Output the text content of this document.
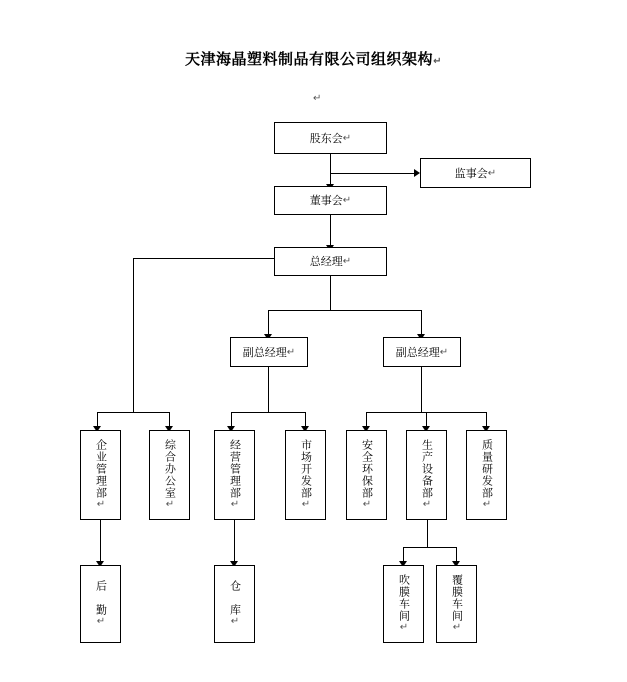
天津海晶塑料制品有限公司组织架构↵
↵
股东会 ↵
监事会 ↵
董事会 ↵
总经理 ↵
副总经理 ↵	副总经理 ↵
企业管理部
↵
综合办公室
↵
经营管理部
↵
市场开发部
↵
安全环保部
↵
生产设备部
↵
质量研发部
↵
后　勤
↵
仓　库
↵	吹膜车间
↵
覆膜车间
↵
